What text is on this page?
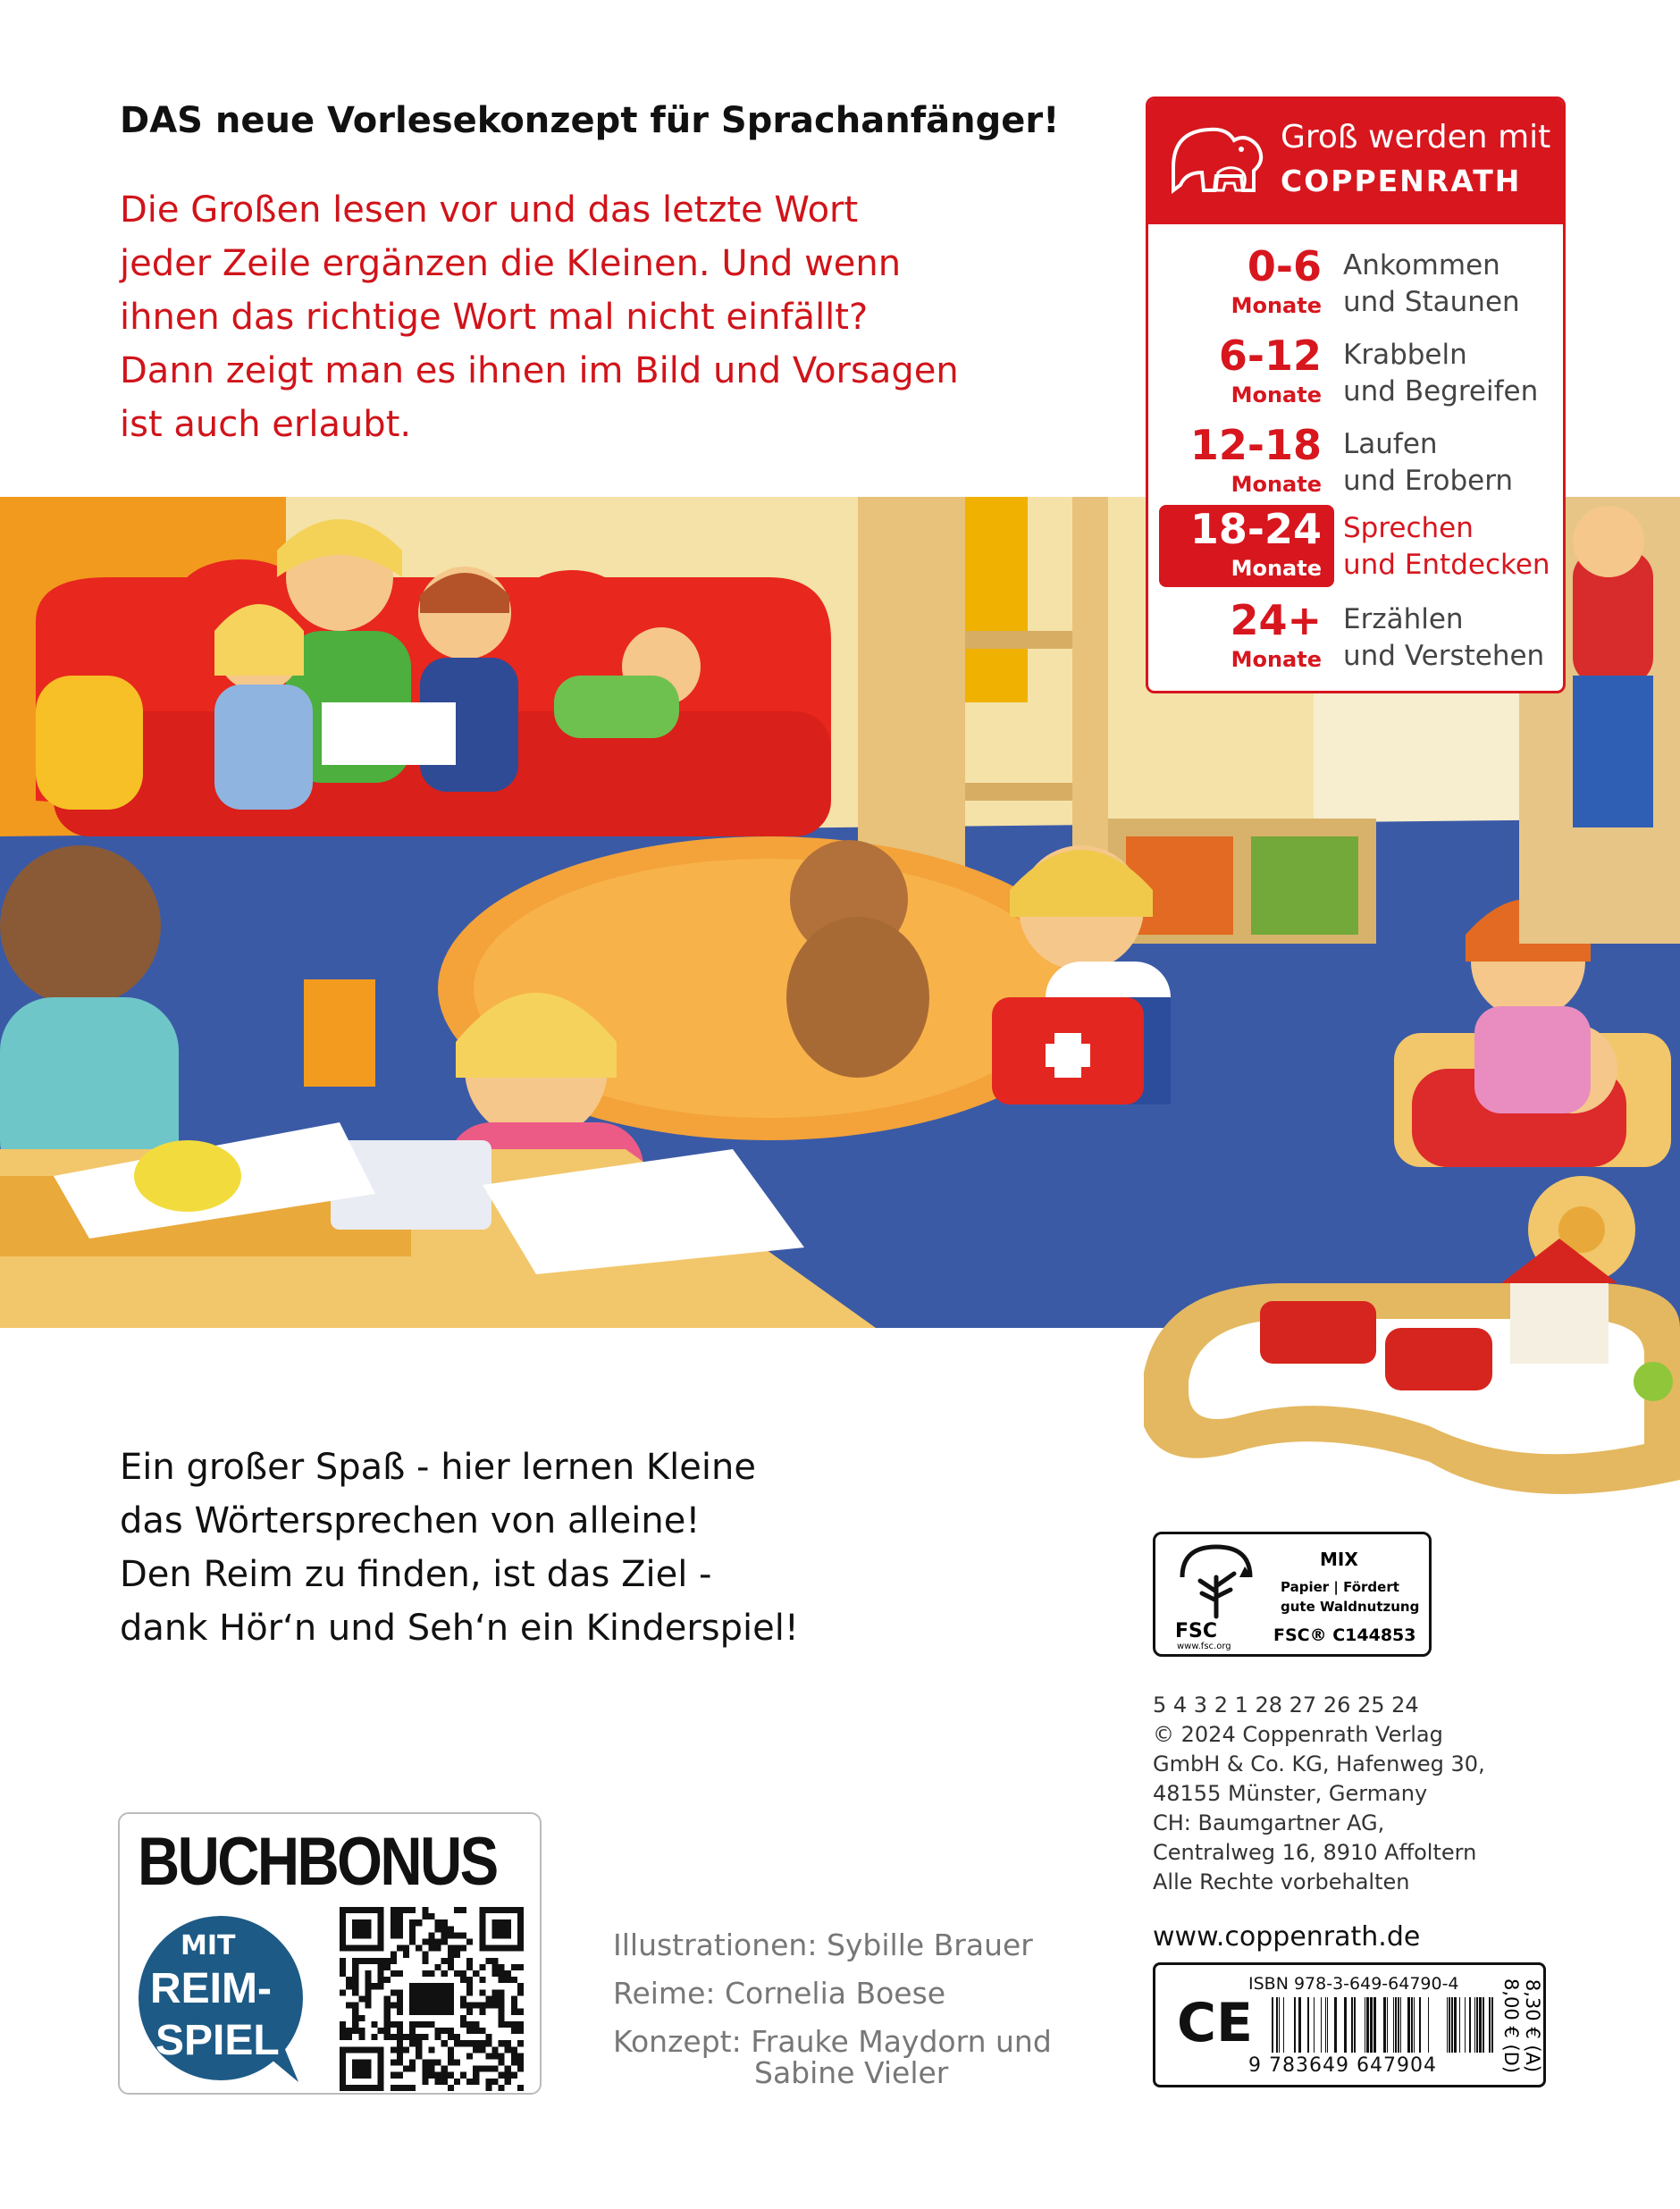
DAS neue Vorlesekonzept für Sprachanfänger!
Die Großen lesen vor und das letzte Wort
jeder Zeile ergänzen die Kleinen. Und wenn
ihnen das richtige Wort mal nicht einfällt?
Dann zeigt man es ihnen im Bild und Vorsagen
ist auch erlaubt.
Groß werden mit
COPPENRATH
0-6
Monate
Ankommen
und Staunen
6-12
Monate
Krabbeln
und Begreifen
12-18
Monate
Laufen
und Erobern
18-24
Monate
Sprechen
und Entdecken
24+
Monate
Erzählen
und Verstehen
Ein großer Spaß - hier lernen Kleine
das Wörtersprechen von alleine!
Den Reim zu finden, ist das Ziel -
dank Hör‘n und Seh‘n ein Kinderspiel!	FSC
www.fsc.org
MIX
Papier | Fördert
gute Waldnutzung
FSC® C144853
5 4 3 2 1 28 27 26 25 24
© 2024 Coppenrath Verlag
GmbH & Co. KG, Hafenweg 30,
48155 Münster, Germany
CH: Baumgartner AG,
Centralweg 16, 8910 Affoltern
Alle Rechte vorbehalten
www.coppenrath.de
CE
ISBN 978-3-649-64790-4
9 783649 647904	8,00 € (D) 8,30 € (A)
BUCHBONUS
MIT
REIM-
SPIEL
Illustrationen: Sybille Brauer
Reime: Cornelia Boese
Konzept: Frauke Maydorn und
Sabine Vieler
